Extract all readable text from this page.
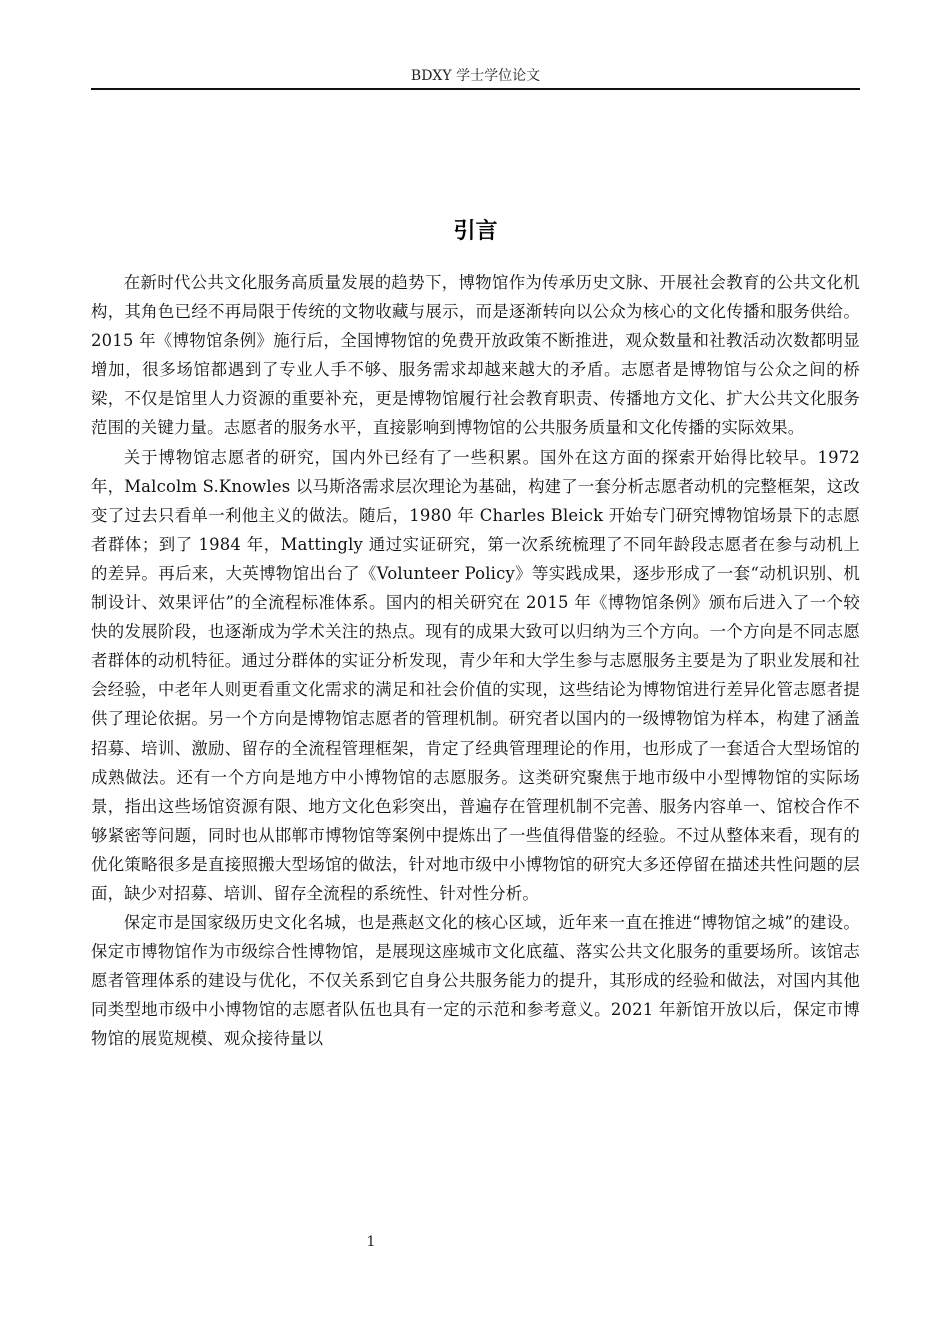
BDXY 学士学位论文
引言

在新时代公共文化服务高质量发展的趋势下，博物馆作为传承历史文脉、开展社会教育的公共文化机构，其角色已经不再局限于传统的文物收藏与展示，而是逐渐转向以公众为核心的文化传播和服务供给。2015 年《博物馆条例》施行后，全国博物馆的免费开放政策不断推进，观众数量和社教活动次数都明显增加，很多场馆都遇到了专业人手不够、服务需求却越来越大的矛盾。志愿者是博物馆与公众之间的桥梁，不仅是馆里人力资源的重要补充，更是博物馆履行社会教育职责、传播地方文化、扩大公共文化服务范围的关键力量。志愿者的服务水平，直接影响到博物馆的公共服务质量和文化传播的实际效果。

关于博物馆志愿者的研究，国内外已经有了一些积累。国外在这方面的探索开始得比较早。1972 年，Malcolm S.Knowles 以马斯洛需求层次理论为基础，构建了一套分析志愿者动机的完整框架，这改变了过去只看单一利他主义的做法。随后，1980 年 Charles Bleick 开始专门研究博物馆场景下的志愿者群体；到了 1984 年，Mattingly 通过实证研究，第一次系统梳理了不同年龄段志愿者在参与动机上的差异。再后来，大英博物馆出台了《Volunteer Policy》等实践成果，逐步形成了一套“动机识别、机制设计、效果评估”的全流程标准体系。国内的相关研究在 2015 年《博物馆条例》颁布后进入了一个较快的发展阶段，也逐渐成为学术关注的热点。现有的成果大致可以归纳为三个方向。一个方向是不同志愿者群体的动机特征。通过分群体的实证分析发现，青少年和大学生参与志愿服务主要是为了职业发展和社会经验，中老年人则更看重文化需求的满足和社会价值的实现，这些结论为博物馆进行差异化管志愿者提供了理论依据。另一个方向是博物馆志愿者的管理机制。研究者以国内的一级博物馆为样本，构建了涵盖招募、培训、激励、留存的全流程管理框架，肯定了经典管理理论的作用，也形成了一套适合大型场馆的成熟做法。还有一个方向是地方中小博物馆的志愿服务。这类研究聚焦于地市级中小型博物馆的实际场景，指出这些场馆资源有限、地方文化色彩突出，普遍存在管理机制不完善、服务内容单一、馆校合作不够紧密等问题，同时也从邯郸市博物馆等案例中提炼出了一些值得借鉴的经验。不过从整体来看，现有的优化策略很多是直接照搬大型场馆的做法，针对地市级中小博物馆的研究大多还停留在描述共性问题的层面，缺少对招募、培训、留存全流程的系统性、针对性分析。

保定市是国家级历史文化名城，也是燕赵文化的核心区域，近年来一直在推进“博物馆之城”的建设。保定市博物馆作为市级综合性博物馆，是展现这座城市文化底蕴、落实公共文化服务的重要场所。该馆志愿者管理体系的建设与优化，不仅关系到它自身公共服务能力的提升，其形成的经验和做法，对国内其他同类型地市级中小博物馆的志愿者队伍也具有一定的示范和参考意义。2021 年新馆开放以后，保定市博物馆的展览规模、观众接待量以

1
